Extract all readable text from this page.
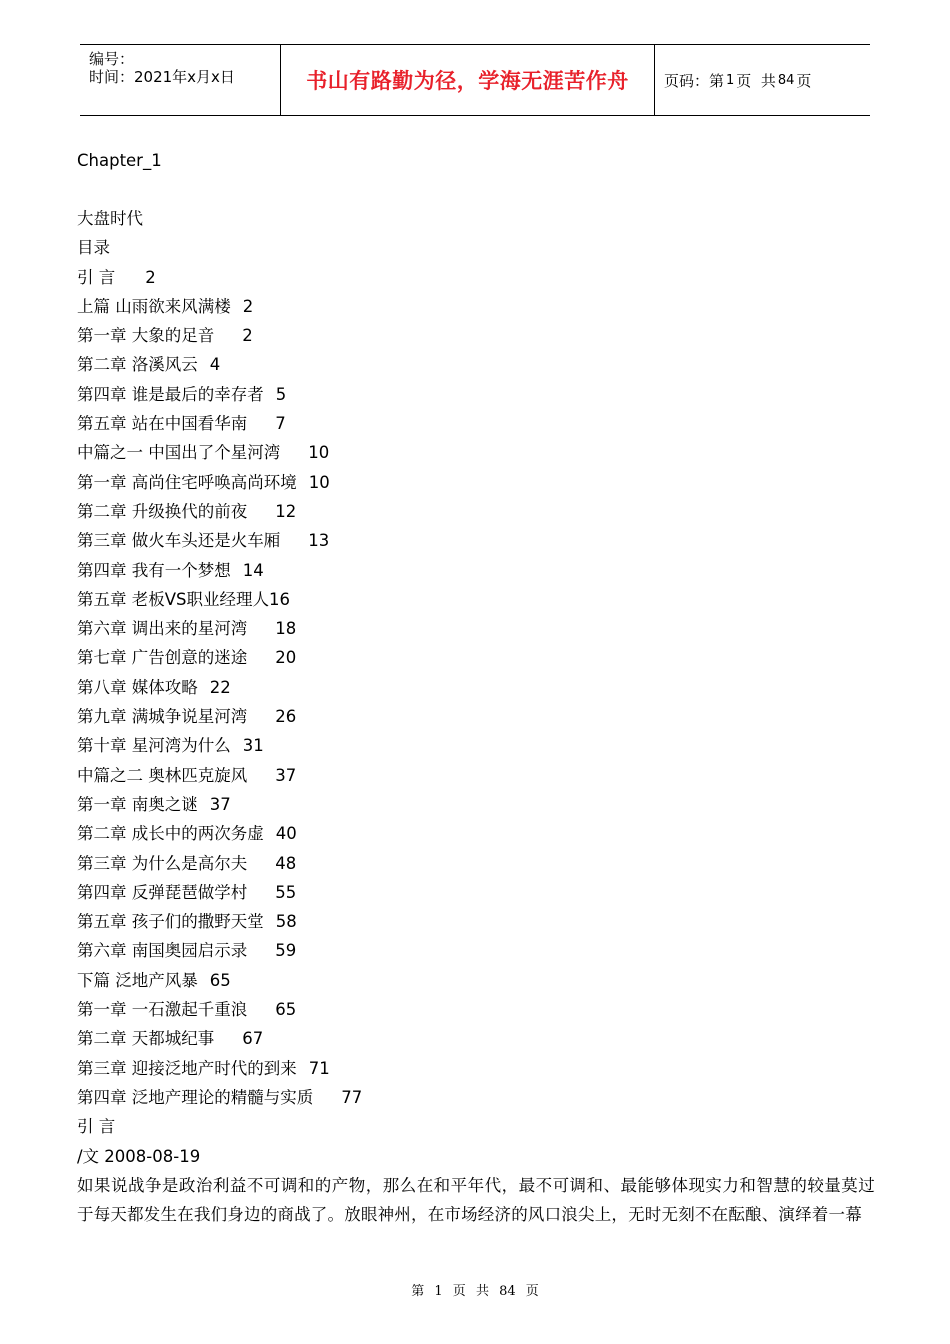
编号：
时间：2021年x月x日	书山有路勤为径，学海无涯苦作舟	页码：第 1 页  共 84 页
Chapter_1
大盘时代
目录
引 言 2
上篇 山雨欲来风满楼 2
第一章 大象的足音 2
第二章 洛溪风云 4
第四章 谁是最后的幸存者 5
第五章 站在中国看华南 7
中篇之一 中国出了个星河湾 10
第一章 高尚住宅呼唤高尚环境 10
第二章 升级换代的前夜 12
第三章 做火车头还是火车厢 13
第四章 我有一个梦想 14
第五章 老板VS职业经理人 16
第六章 调出来的星河湾 18
第七章 广告创意的迷途 20
第八章 媒体攻略 22
第九章 满城争说星河湾 26
第十章 星河湾为什么 31
中篇之二 奥林匹克旋风 37
第一章 南奥之谜 37
第二章 成长中的两次务虚 40
第三章 为什么是高尔夫 48
第四章 反弹琵琶做学村 55
第五章 孩子们的撒野天堂 58
第六章 南国奥园启示录 59
下篇 泛地产风暴 65
第一章 一石激起千重浪 65
第二章 天都城纪事 67
第三章 迎接泛地产时代的到来 71
第四章 泛地产理论的精髓与实质 77
引 言
/文 2008-08-19
如果说战争是政治利益不可调和的产物，那么在和平年代，最不可调和、最能够体现实力和智慧的较量莫过于每天都发生在我们身边的商战了。放眼神州，在市场经济的风口浪尖上，无时无刻不在酝酿、演绎着一幕
第 1 页 共 84 页
